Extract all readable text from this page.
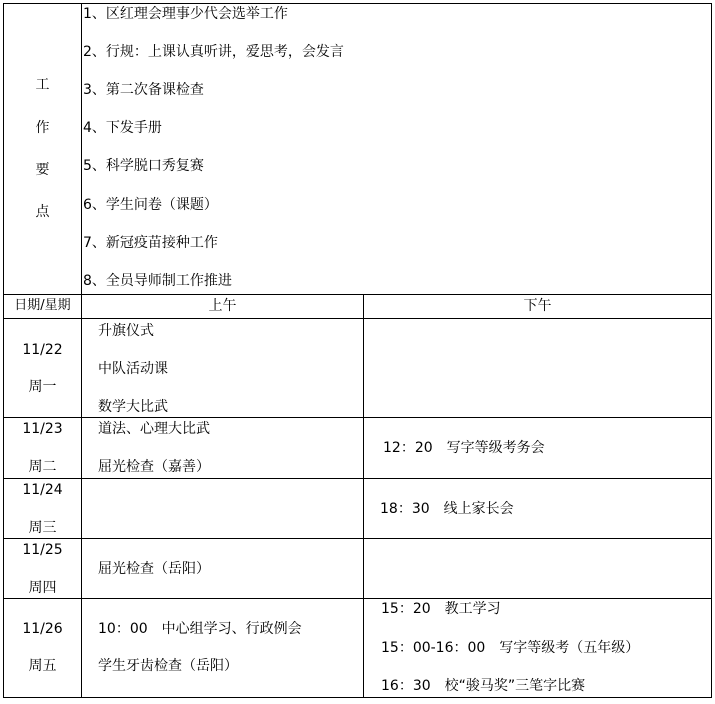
工
作
要
点
1、区红理会理事少代会选举工作
2、行规：上课认真听讲，爱思考，会发言
3、第二次备课检查
4、下发手册
5、科学脱口秀复赛
6、学生问卷（课题）
7、新冠疫苗接种工作
8、全员导师制工作推进
日期/星期	上午	下午
11/22
周一
升旗仪式
中队活动课
数学大比武
11/23
周二
道法、心理大比武
屈光检查（嘉善）
12：20　写字等级考务会
11/24
周三
18：30　线上家长会
11/25
周四
屈光检查（岳阳）
11/26
周五
10：00　中心组学习、行政例会
学生牙齿检查（岳阳）
15：20　教工学习
15：00-16：00　写字等级考（五年级）
16：30　校“骏马奖”三笔字比赛
